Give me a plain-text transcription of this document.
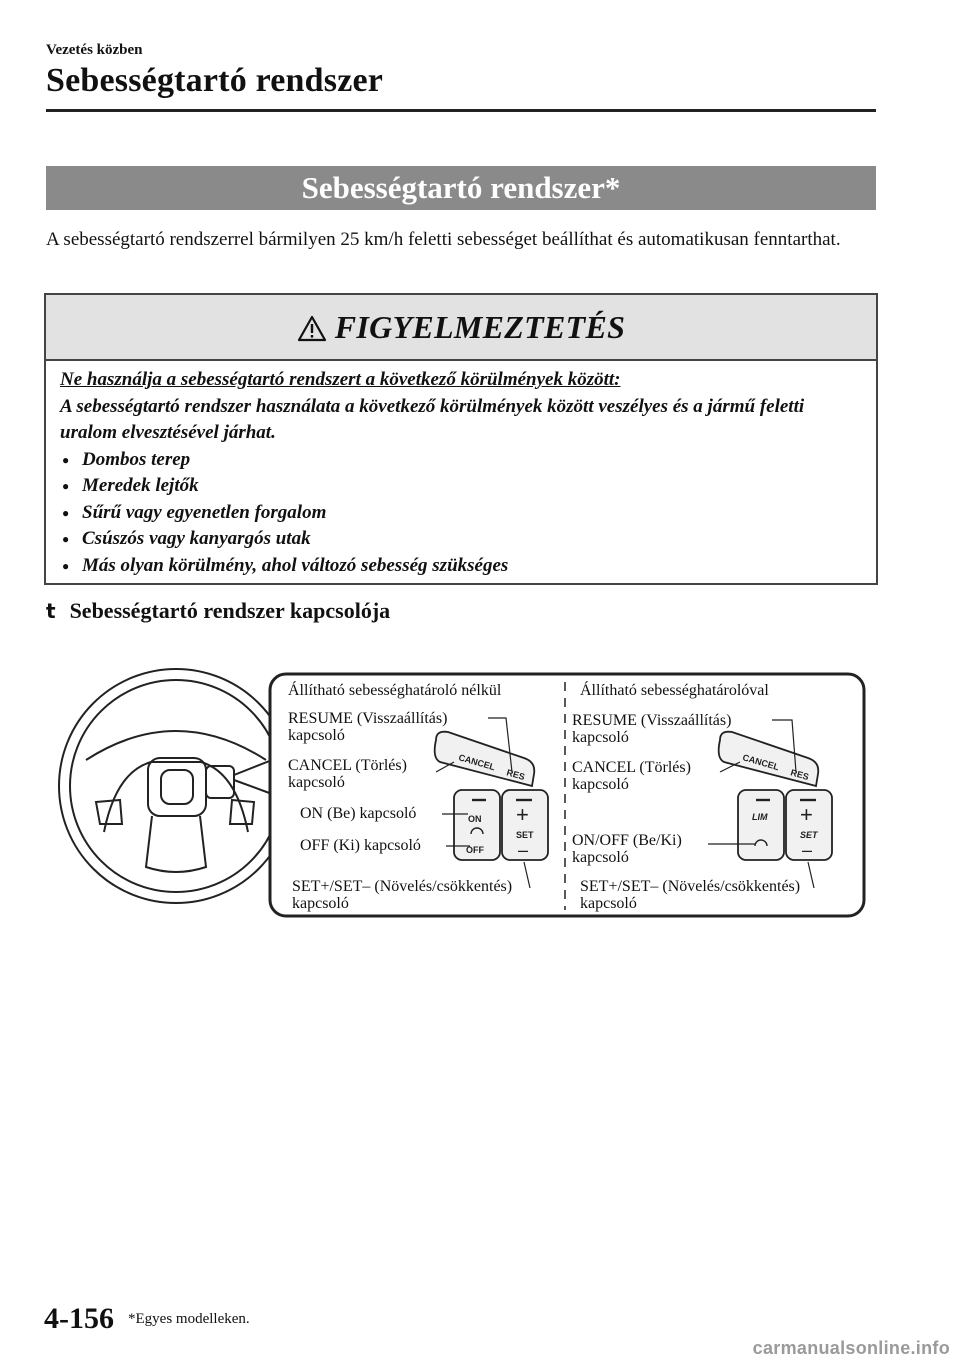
Vezetés közben
Sebességtartó rendszer
Sebességtartó rendszer*
A sebességtartó rendszerrel bármilyen 25 km/h feletti sebességet beállíthat és automatikusan fenntarthat.
FIGYELMEZTETÉS
Ne használja a sebességtartó rendszert a következő körülmények között:
A sebességtartó rendszer használata a következő körülmények között veszélyes és a jármű feletti uralom elvesztésével járhat.
● Dombos terep
● Meredek lejtők
● Sűrű vagy egyenetlen forgalom
● Csúszós vagy kanyargós utak
● Más olyan körülmény, ahol változó sebesség szükséges
t Sebességtartó rendszer kapcsolója
CANCEL
RES
ON
OFF
+
SET
–
CANCEL
RES
LIM +
SET
–
Állítható sebességhatároló nélkül
RESUME (Visszaállítás)
kapcsoló
CANCEL (Törlés)
kapcsoló
ON (Be) kapcsoló
OFF (Ki) kapcsoló
SET+/SET– (Növelés/csökkentés)
kapcsoló
Állítható sebességhatárolóval
RESUME (Visszaállítás)
kapcsoló
CANCEL (Törlés)
kapcsoló
ON/OFF (Be/Ki)
kapcsoló
SET+/SET– (Növelés/csökkentés)
kapcsoló
4-156 *Egyes modelleken.
carmanualsonline.info
